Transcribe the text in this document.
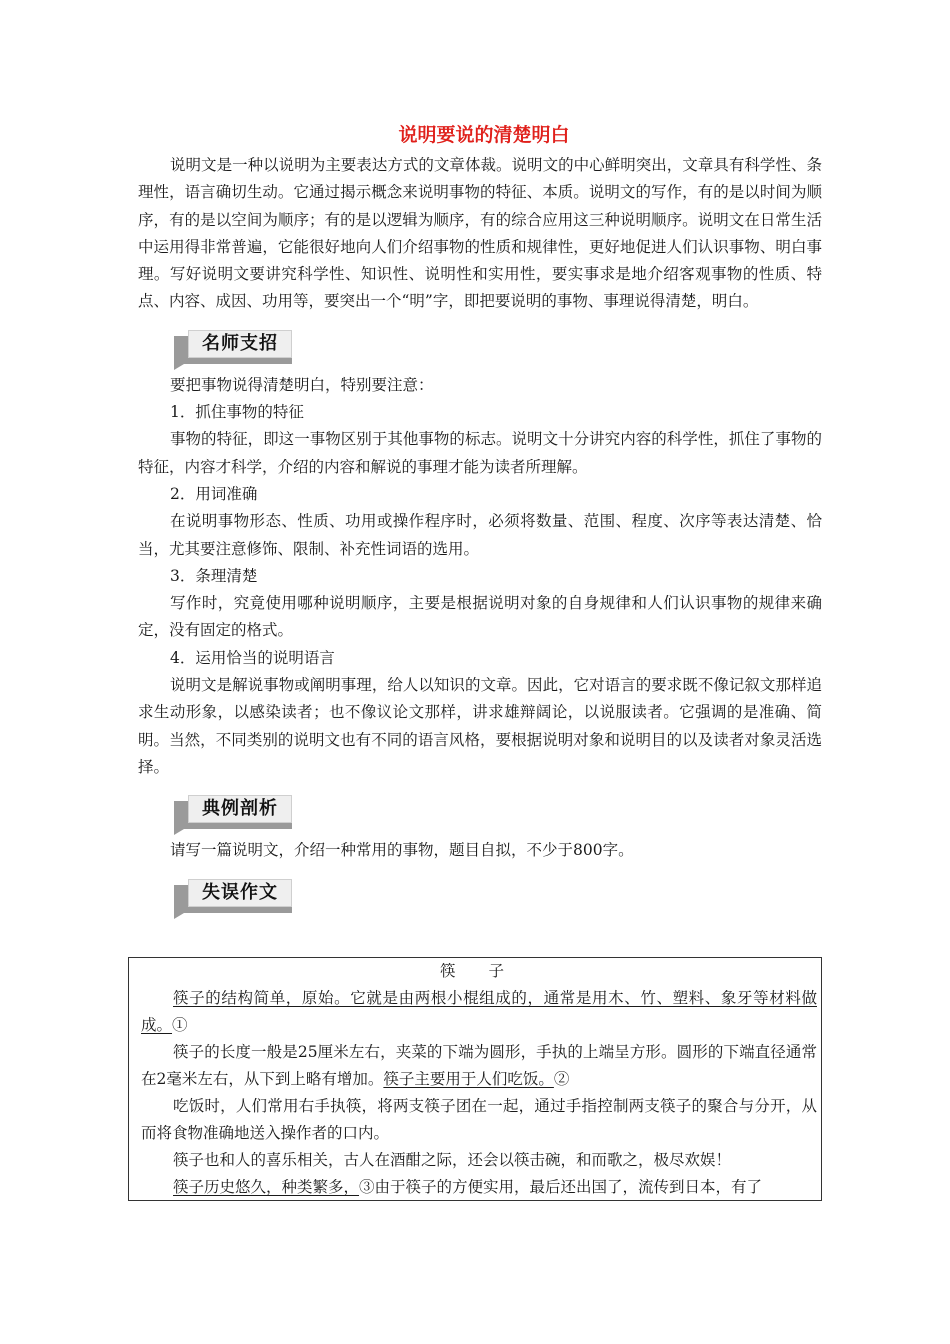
说明要说的清楚明白

说明文是一种以说明为主要表达方式的文章体裁。说明文的中心鲜明突出，文章具有科学性、条理性，语言确切生动。它通过揭示概念来说明事物的特征、本质。说明文的写作，有的是以时间为顺序，有的是以空间为顺序；有的是以逻辑为顺序，有的综合应用这三种说明顺序。说明文在日常生活中运用得非常普遍，它能很好地向人们介绍事物的性质和规律性，更好地促进人们认识事物、明白事理。写好说明文要讲究科学性、知识性、说明性和实用性，要实事求是地介绍客观事物的性质、特点、内容、成因、功用等，要突出一个“明”字，即把要说明的事物、事理说得清楚，明白。

名师支招

要把事物说得清楚明白，特别要注意：

1．抓住事物的特征

事物的特征，即这一事物区别于其他事物的标志。说明文十分讲究内容的科学性，抓住了事物的特征，内容才科学，介绍的内容和解说的事理才能为读者所理解。

2．用词准确

在说明事物形态、性质、功用或操作程序时，必须将数量、范围、程度、次序等表达清楚、恰当，尤其要注意修饰、限制、补充性词语的选用。

3．条理清楚

写作时，究竟使用哪种说明顺序，主要是根据说明对象的自身规律和人们认识事物的规律来确定，没有固定的格式。

4．运用恰当的说明语言

说明文是解说事物或阐明事理，给人以知识的文章。因此，它对语言的要求既不像记叙文那样追求生动形象，以感染读者；也不像议论文那样，讲求雄辩阔论，以说服读者。它强调的是准确、简明。当然，不同类别的说明文也有不同的语言风格，要根据说明对象和说明目的以及读者对象灵活选择。

典例剖析

请写一篇说明文，介绍一种常用的事物，题目自拟，不少于800字。

失误作文

筷 子

筷子的结构简单，原始。它就是由两根小棍组成的，通常是用木、竹、塑料、象牙等材料做成。①

筷子的长度一般是25厘米左右，夹菜的下端为圆形，手执的上端呈方形。圆形的下端直径通常在2毫米左右，从下到上略有增加。筷子主要用于人们吃饭。②

吃饭时，人们常用右手执筷，将两支筷子团在一起，通过手指控制两支筷子的聚合与分开，从而将食物准确地送入操作者的口内。

筷子也和人的喜乐相关，古人在酒酣之际，还会以筷击碗，和而歌之，极尽欢娱！

筷子历史悠久，种类繁多，③由于筷子的方便实用，最后还出国了，流传到日本，有了
